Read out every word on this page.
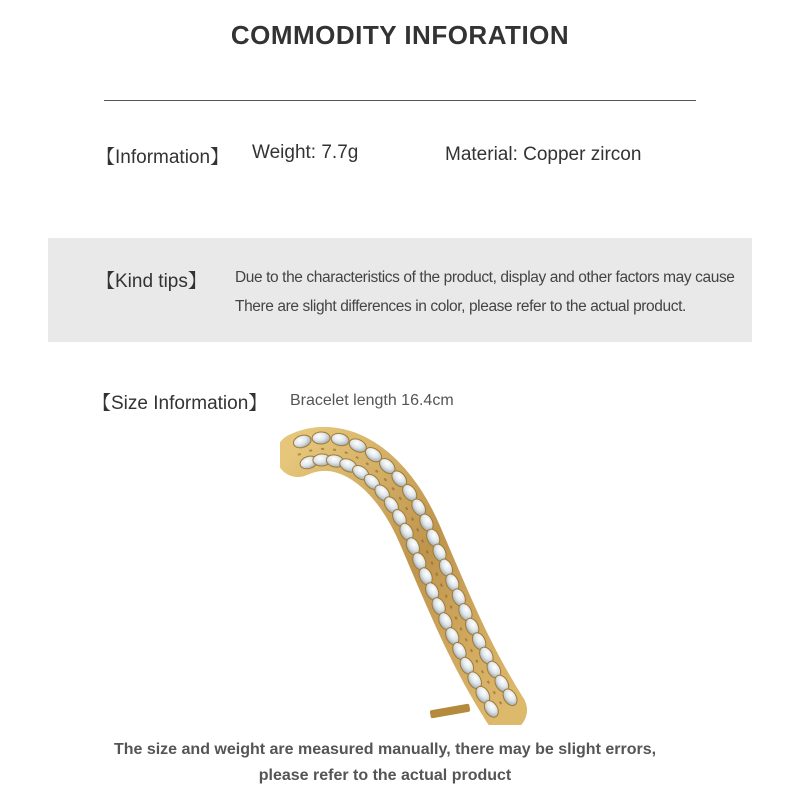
COMMODITY INFORATION
【Information】 Weight: 7.7g	Material: Copper zircon
【Kind tips】 Due to the characteristics of the product, display and other factors may cause
There are slight differences in color, please refer to the actual product.
【Size Information】 Bracelet length 16.4cm
The size and weight are measured manually, there may be slight errors,
please refer to the actual product
